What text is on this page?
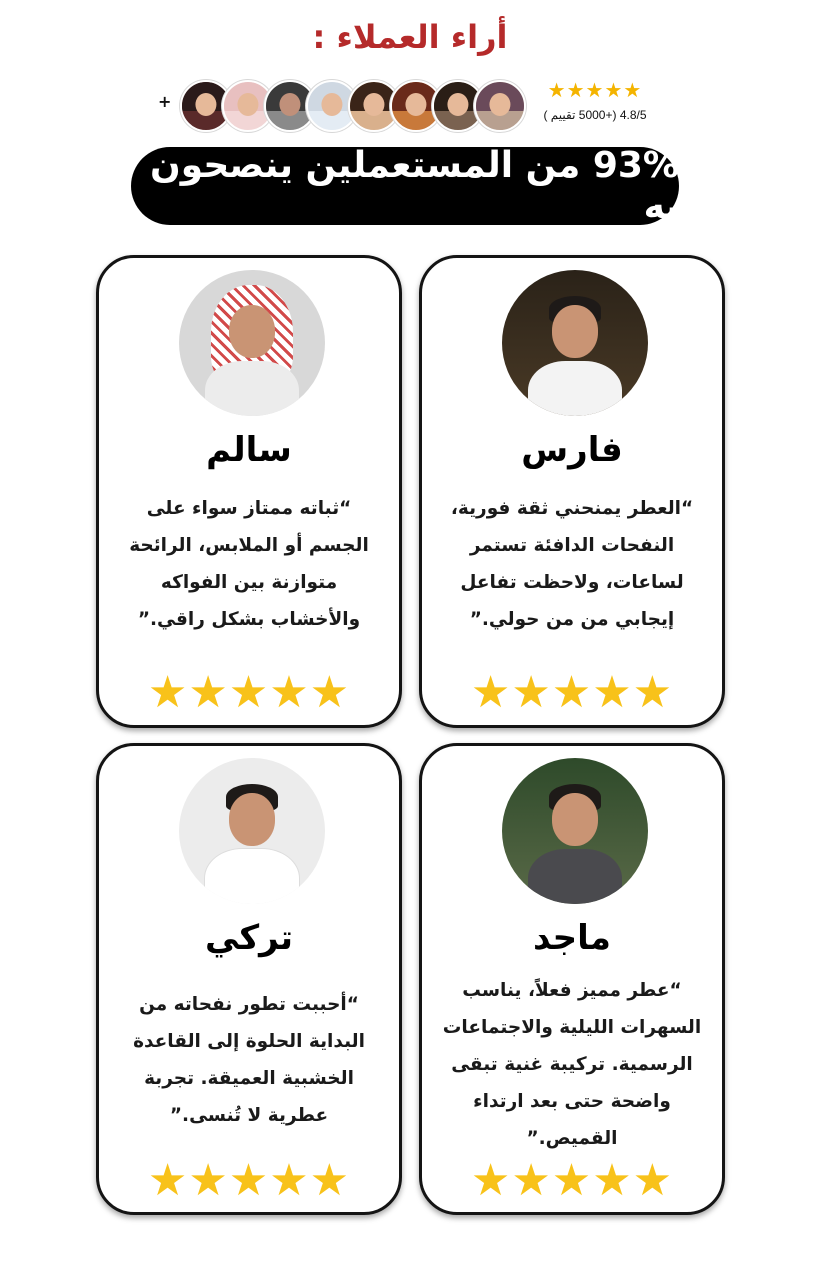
أراء العملاء :
+	★★★★★
4.8/5 (+5000 تقييم )
93% من المستعملين ينصحون به
فارس
“العطر يمنحني ثقة فورية، النفحات الدافئة تستمر لساعات، ولاحظت تفاعل إيجابي من من حولي.”
★★★★★
سالم
“ثباته ممتاز سواء على الجسم أو الملابس، الرائحة متوازنة بين الفواكه والأخشاب بشكل راقي.”
★★★★★
ماجد
“عطر مميز فعلاً، يناسب السهرات الليلية والاجتماعات الرسمية. تركيبة غنية تبقى واضحة حتى بعد ارتداء القميص.”
★★★★★
تركي
“أحببت تطور نفحاته من البداية الحلوة إلى القاعدة الخشبية العميقة. تجربة عطرية لا تُنسى.”
★★★★★
